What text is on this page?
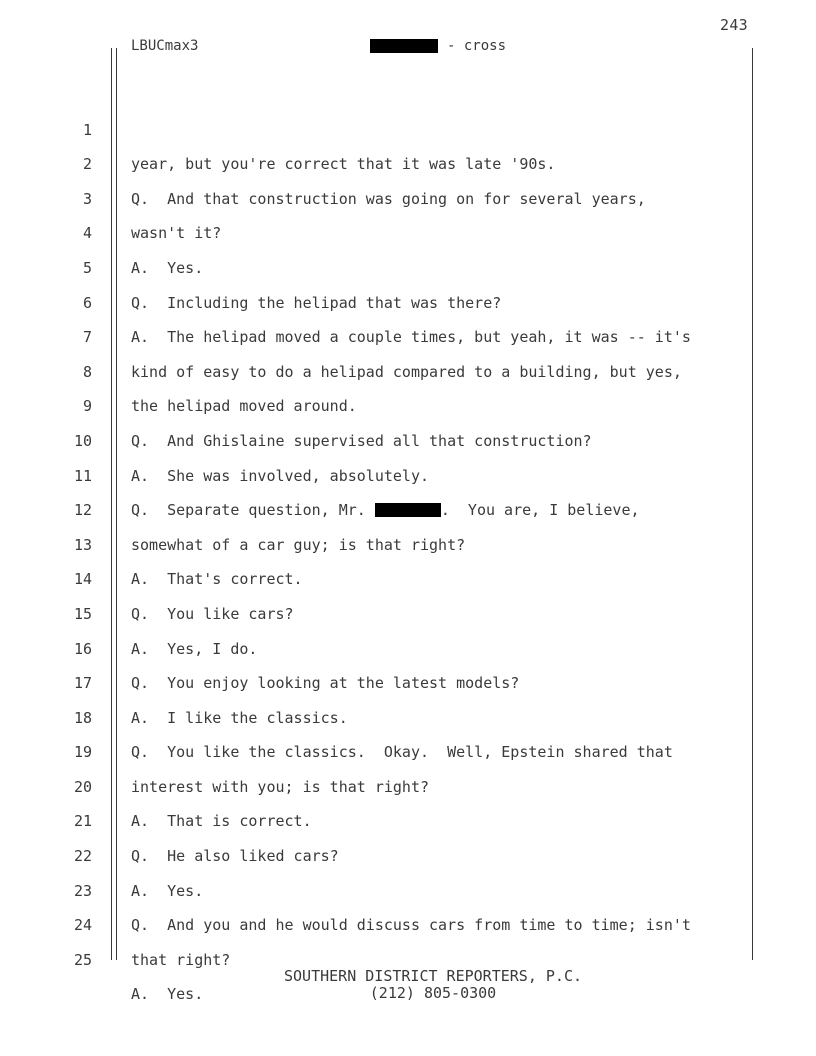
243
LBUCmax3	- cross

1

year, but you're correct that it was late '90s.

2

Q.  And that construction was going on for several years,

3

wasn't it?

4

A.  Yes.

5

Q.  Including the helipad that was there?

6

A.  The helipad moved a couple times, but yeah, it was -- it's

7

kind of easy to do a helipad compared to a building, but yes,

8

the helipad moved around.

9

Q.  And Ghislaine supervised all that construction?

10

A.  She was involved, absolutely.

11

Q.  Separate question, Mr.	.  You are, I believe,

12

somewhat of a car guy; is that right?

13

A.  That's correct.

14

Q.  You like cars?

15

A.  Yes, I do.

16

Q.  You enjoy looking at the latest models?

17

A.  I like the classics.

18

Q.  You like the classics.  Okay.  Well, Epstein shared that

19

interest with you; is that right?

20

A.  That is correct.

21

Q.  He also liked cars?

22

A.  Yes.

23

Q.  And you and he would discuss cars from time to time; isn't

24

that right?

25

A.  Yes.

SOUTHERN DISTRICT REPORTERS, P.C.
(212) 805-0300
